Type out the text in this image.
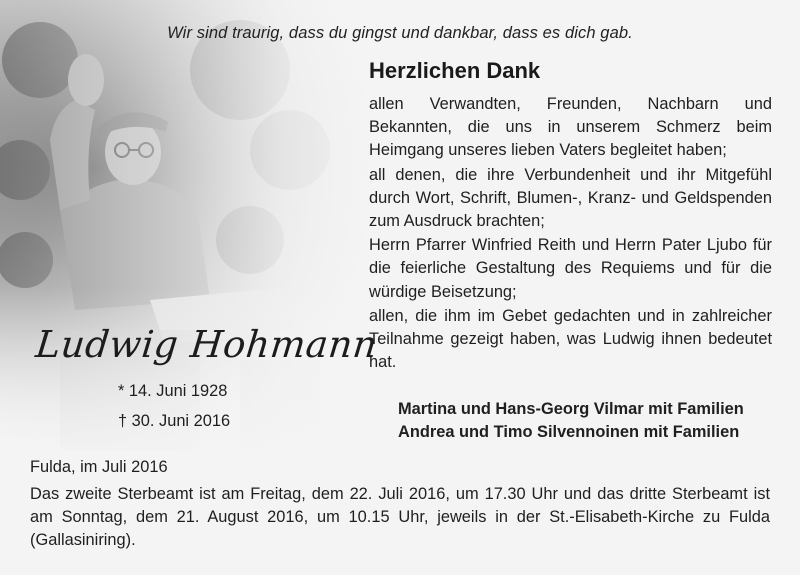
Wir sind traurig, dass du gingst und dankbar, dass es dich gab.
Herzlichen Dank

allen Verwandten, Freunden, Nachbarn und Bekannten, die uns in unserem Schmerz beim Heimgang unseres lieben Vaters begleitet haben;

all denen, die ihre Verbundenheit und ihr Mitgefühl durch Wort, Schrift, Blumen-, Kranz- und Geldspenden zum Ausdruck brachten;

Herrn Pfarrer Winfried Reith und Herrn Pater Ljubo für die feierliche Gestaltung des Requiems und für die würdige Beisetzung;

allen, die ihm im Gebet gedachten und in zahlreicher Teilnahme gezeigt haben, was Ludwig ihnen bedeutet hat.

Ludwig Hohmann
* 14. Juni 1928
† 30. Juni 2016
Martina und Hans-Georg Vilmar mit Familien
Andrea und Timo Silvennoinen mit Familien
Fulda, im Juli 2016
Das zweite Sterbeamt ist am Freitag, dem 22. Juli 2016, um 17.30 Uhr und das dritte Sterbeamt ist am Sonntag, dem 21. August 2016, um 10.15 Uhr, jeweils in der St.-Elisabeth-Kirche zu Fulda (Gallasiniring).
